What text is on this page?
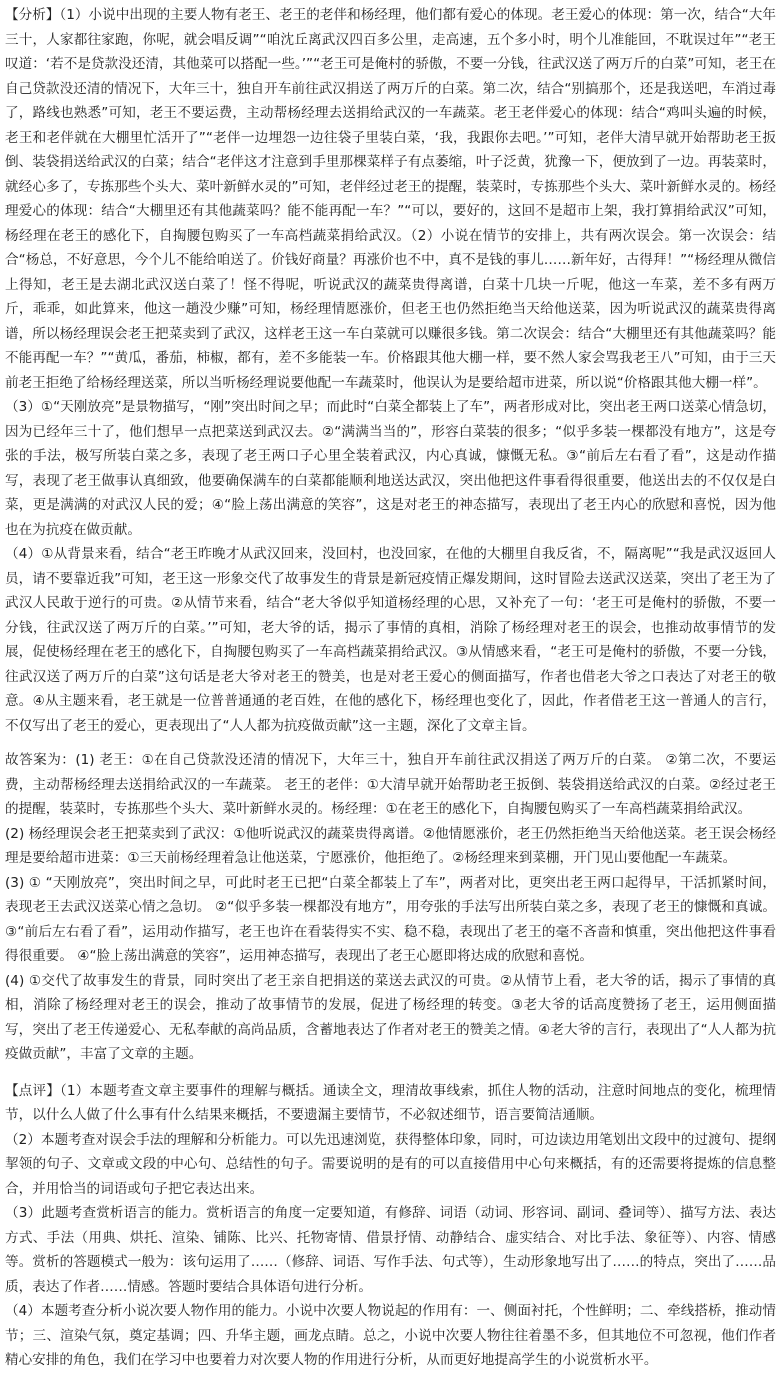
【分析】（1）小说中出现的主要人物有老王、老王的老伴和杨经理，他们都有爱心的体现。老王爱心的体现：第一次，结合“大年三十，人家都往家跑，你呢，就会唱反调”“咱沈丘离武汉四百多公里，走高速，五个多小时，明个儿准能回，不耽误过年”“老王叹道：‘若不是贷款没还清，其他菜可以搭配一些。’”“老王可是俺村的骄傲，不要一分钱，往武汉送了两万斤的白菜”可知，老王在自己贷款没还清的情况下，大年三十，独自开车前往武汉捐送了两万斤的白菜。第二次，结合“别搞那个，还是我送吧，车消过毒了，路线也熟悉”可知，老王不要运费，主动帮杨经理去送捐给武汉的一车蔬菜。老王老伴爱心的体现：结合“鸡叫头遍的时候，老王和老伴就在大棚里忙活开了”“老伴一边埋怨一边往袋子里装白菜，‘我，我跟你去吧。’”可知，老伴大清早就开始帮助老王扳倒、装袋捐送给武汉的白菜；结合“老伴这才注意到手里那棵菜样子有点萎缩，叶子泛黄，犹豫一下，便放到了一边。再装菜时，就经心多了，专拣那些个头大、菜叶新鲜水灵的”可知，老伴经过老王的提醒，装菜时，专拣那些个头大、菜叶新鲜水灵的。杨经理爱心的体现：结合“大棚里还有其他蔬菜吗？能不能再配一车？”“可以，要好的，这回不是超市上架，我打算捐给武汉”可知，杨经理在老王的感化下，自掏腰包购买了一车高档蔬菜捐给武汉。（2）小说在情节的安排上，共有两次误会。第一次误会：结合“杨总，不好意思，今个儿不能给咱送了。价钱好商量？再涨价也不中，真不是钱的事儿……新年好，古得拜！”“杨经理从微信上得知，老王是去湖北武汉送白菜了！怪不得呢，听说武汉的蔬菜贵得离谱，白菜十几块一斤呢，他这一车菜，差不多有两万斤，乖乖，如此算来，他这一趟没少赚”可知，杨经理情愿涨价，但老王也仍然拒绝当天给他送菜，因为听说武汉的蔬菜贵得离谱，所以杨经理误会老王把菜卖到了武汉，这样老王这一车白菜就可以赚很多钱。第二次误会：结合“大棚里还有其他蔬菜吗？能不能再配一车？”“黄瓜，番茄，柿椒，都有，差不多能装一车。价格跟其他大棚一样，要不然人家会骂我老王八”可知，由于三天前老王拒绝了给杨经理送菜，所以当听杨经理说要他配一车蔬菜时，他误认为是要给超市进菜，所以说“价格跟其他大棚一样”。

（3）①“天刚放亮”是景物描写，“刚”突出时间之早；而此时“白菜全都装上了车”，两者形成对比，突出老王两口送菜心情急切，因为已经年三十了，他们想早一点把菜送到武汉去。②“满满当当的”，形容白菜装的很多；“似乎多装一棵都没有地方”，这是夸张的手法，极写所装白菜之多，表现了老王两口子心里全装着武汉，内心真诚，慷慨无私。③“前后左右看了看”，这是动作描写，表现了老王做事认真细致，他要确保满车的白菜都能顺利地送达武汉，突出他把这件事看得很重要，他送出去的不仅仅是白菜，更是满满的对武汉人民的爱；④“脸上荡出满意的笑容”，这是对老王的神态描写，表现出了老王内心的欣慰和喜悦，因为他也在为抗疫在做贡献。

（4）①从背景来看，结合“老王昨晚才从武汉回来，没回村，也没回家，在他的大棚里自我反省，不，隔离呢”“我是武汉返回人员，请不要靠近我”可知，老王这一形象交代了故事发生的背景是新冠疫情正爆发期间，这时冒险去送武汉送菜，突出了老王为了武汉人民敢于逆行的可贵。②从情节来看，结合“老大爷似乎知道杨经理的心思，又补充了一句：‘老王可是俺村的骄傲，不要一分钱，往武汉送了两万斤的白菜。’”可知，老大爷的话，揭示了事情的真相，消除了杨经理对老王的误会，也推动故事情节的发展，促使杨经理在老王的感化下，自掏腰包购买了一车高档蔬菜捐给武汉。③从情感来看，“老王可是俺村的骄傲，不要一分钱，往武汉送了两万斤的白菜”这句话是老大爷对老王的赞美，也是对老王爱心的侧面描写，作者也借老大爷之口表达了对老王的敬意。④从主题来看，老王就是一位普普通通的老百姓，在他的感化下，杨经理也变化了，因此，作者借老王这一普通人的言行，不仅写出了老王的爱心，更表现出了“人人都为抗疫做贡献”这一主题，深化了文章主旨。

故答案为：(1) 老王：①在自己贷款没还清的情况下，大年三十，独自开车前往武汉捐送了两万斤的白菜。 ②第二次，不要运费，主动帮杨经理去送捐给武汉的一车蔬菜。 老王的老伴：①大清早就开始帮助老王扳倒、装袋捐送给武汉的白菜。②经过老王的提醒，装菜时，专拣那些个头大、菜叶新鲜水灵的。杨经理：①在老王的感化下，自掏腰包购买了一车高档蔬菜捐给武汉。

(2) 杨经理误会老王把菜卖到了武汉：①他听说武汉的蔬菜贵得离谱。②他情愿涨价，老王仍然拒绝当天给他送菜。老王误会杨经理是要给超市进菜：①三天前杨经理着急让他送菜，宁愿涨价，他拒绝了。②杨经理来到菜棚，开门见山要他配一车蔬菜。

(3) ① “天刚放亮”，突出时间之早，可此时老王已把“白菜全都装上了车”，两者对比，更突出老王两口起得早，干活抓紧时间，表现老王去武汉送菜心情之急切。 ②“似乎多装一棵都没有地方”，用夸张的手法写出所装白菜之多，表现了老王的慷慨和真诚。 ③“前后左右看了看”，运用动作描写，老王也许在看装得实不实、稳不稳，表现出了老王的毫不吝啬和慎重，突出他把这件事看得很重要。 ④“脸上荡出满意的笑容”，运用神态描写，表现出了老王心愿即将达成的欣慰和喜悦。

(4) ①交代了故事发生的背景，同时突出了老王亲自把捐送的菜送去武汉的可贵。②从情节上看，老大爷的话，揭示了事情的真相，消除了杨经理对老王的误会，推动了故事情节的发展，促进了杨经理的转变。③老大爷的话高度赞扬了老王，运用侧面描写，突出了老王传递爱心、无私奉献的高尚品质，含蓄地表达了作者对老王的赞美之情。④老大爷的言行，表现出了“人人都为抗疫做贡献”，丰富了文章的主题。

【点评】（1）本题考查文章主要事件的理解与概括。通读全文，理清故事线索，抓住人物的活动，注意时间地点的变化，梳理情节，以什么人做了什么事有什么结果来概括，不要遗漏主要情节，不必叙述细节，语言要简洁通顺。

（2）本题考查对误会手法的理解和分析能力。可以先迅速浏览，获得整体印象，同时，可边读边用笔划出文段中的过渡句、提纲挈领的句子、文章或文段的中心句、总结性的句子。需要说明的是有的可以直接借用中心句来概括，有的还需要将提炼的信息整合，并用恰当的词语或句子把它表达出来。

（3）此题考查赏析语言的能力。赏析语言的角度一定要知道，有修辞、词语（动词、形容词、副词、叠词等）、描写方法、表达方式、手法（用典、烘托、渲染、铺陈、比兴、托物寄情、借景抒情、动静结合、虚实结合、对比手法、象征等）、内容、情感等。赏析的答题模式一般为：该句运用了……（修辞、词语、写作手法、句式等），生动形象地写出了……的特点，突出了……品质，表达了作者……情感。答题时要结合具体语句进行分析。

（4）本题考查分析小说次要人物作用的能力。小说中次要人物说起的作用有：一、侧面衬托，个性鲜明；二、牵线搭桥，推动情节；三、渲染气氛，奠定基调；四、升华主题，画龙点睛。总之，小说中次要人物往往着墨不多，但其地位不可忽视，他们作者精心安排的角色，我们在学习中也要着力对次要人物的作用进行分析，从而更好地提高学生的小说赏析水平。
